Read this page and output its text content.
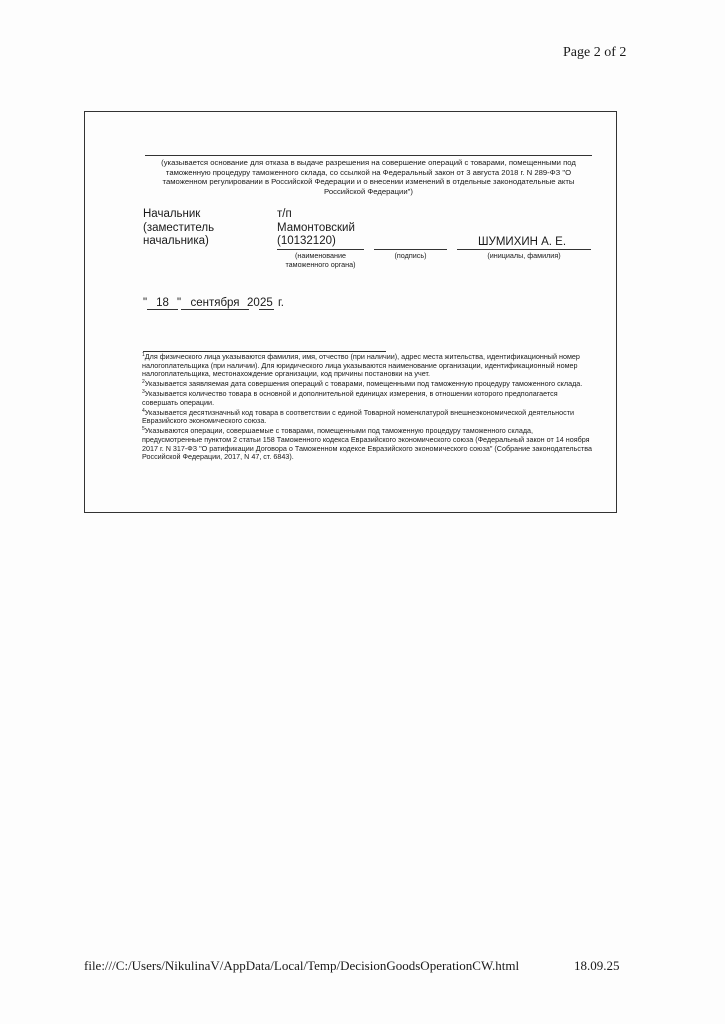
Page 2 of 2
(указывается основание для отказа в выдаче разрешения на совершение операций с товарами, помещенными под таможенную процедуру таможенного склада, со ссылкой на Федеральный закон от 3 августа 2018 г. N 289-ФЗ "О таможенном регулировании в Российской Федерации и о внесении изменений в отдельные законодательные акты Российской Федерации")
Начальник
(заместитель
начальника)
т/п
Мамонтовский
(10132120)	ШУМИХИН А. Е.
(наименование
таможенного органа)
(подпись)	(инициалы, фамилия)
" 18 " сентября 20 25 г.
$^1$Для физического лица указываются фамилия, имя, отчество (при наличии), адрес места жительства, идентификационный номер налогоплательщика (при наличии). Для юридического лица указываются наименование организации, идентификационный номер налогоплательщика, местонахождение организации, код причины постановки на учет.
$^2$Указывается заявляемая дата совершения операций с товарами, помещенными под таможенную процедуру таможенного склада.
$^3$Указывается количество товара в основной и дополнительной единицах измерения, в отношении которого предполагается совершать операции.
$^4$Указывается десятизначный код товара в соответствии с единой Товарной номенклатурой внешнеэкономической деятельности Евразийского экономического союза.
$^5$Указываются операции, совершаемые с товарами, помещенными под таможенную процедуру таможенного склада, предусмотренные пунктом 2 статьи 158 Таможенного кодекса Евразийского экономического союза (Федеральный закон от 14 ноября 2017 г. N 317-ФЗ "О ратификации Договора о Таможенном кодексе Евразийского экономического союза" (Собрание законодательства Российской Федерации, 2017, N 47, ст. 6843).
file:///C:/Users/NikulinaV/AppData/Local/Temp/DecisionGoodsOperationCW.html	18.09.25
